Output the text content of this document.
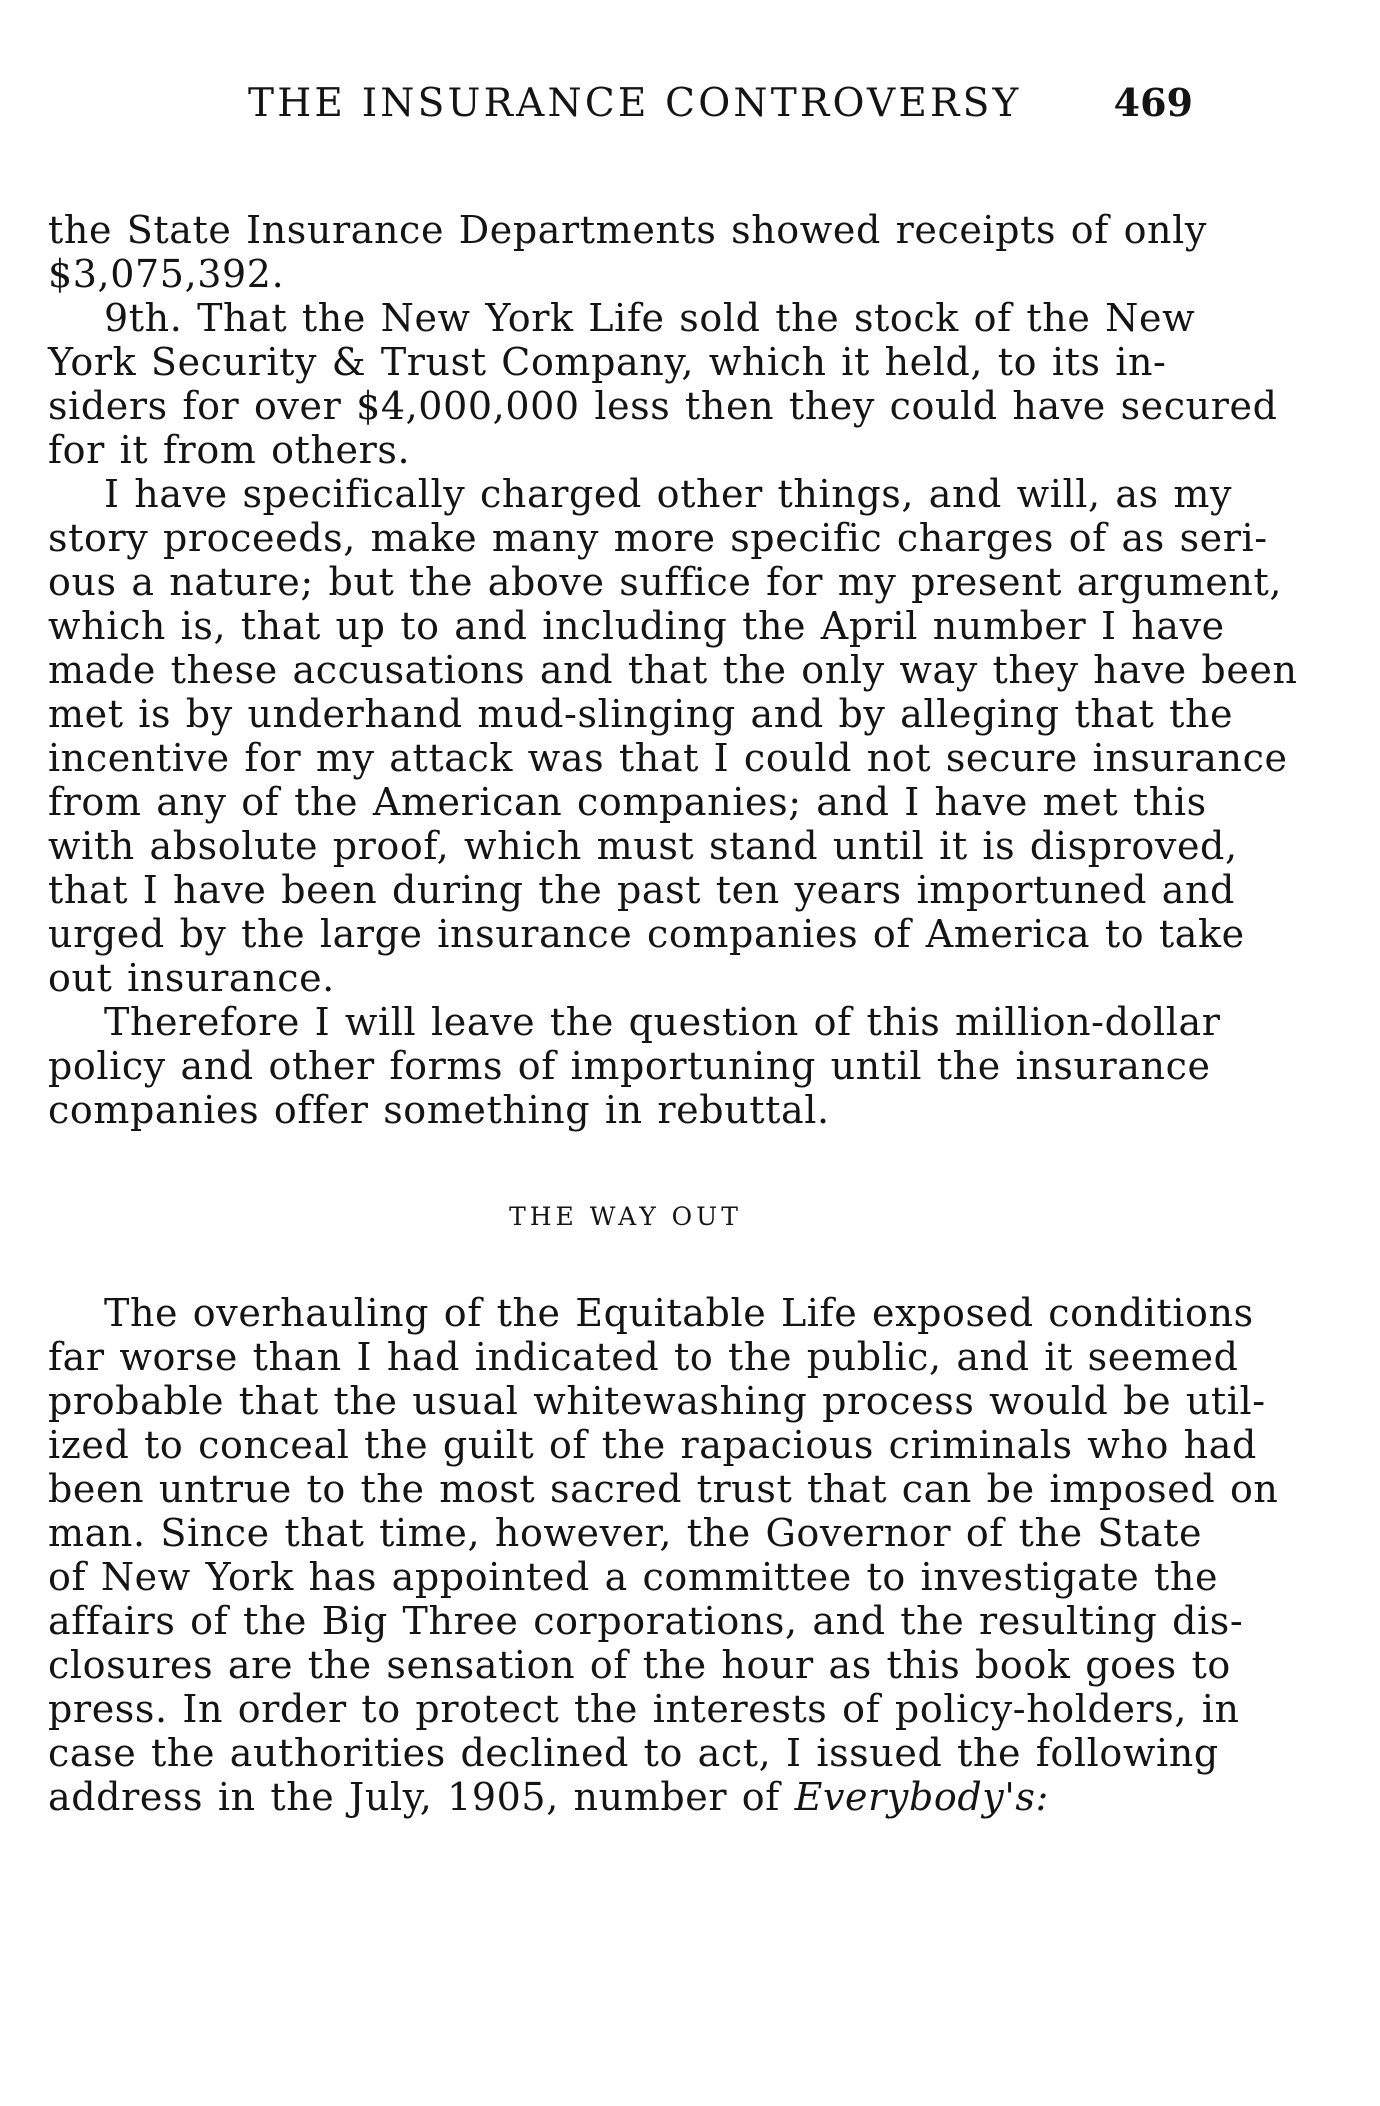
THE INSURANCE CONTROVERSY 469

the State Insurance Departments showed receipts of only
$3,075,392.

9th. That the New York Life sold the stock of the New
York Security & Trust Company, which it held, to its in-
siders for over $4,000,000 less then they could have secured
for it from others.

I have specifically charged other things, and will, as my
story proceeds, make many more specific charges of as seri-
ous a nature; but the above suffice for my present argument,
which is, that up to and including the April number I have
made these accusations and that the only way they have been
met is by underhand mud-slinging and by alleging that the
incentive for my attack was that I could not secure insurance
from any of the American companies; and I have met this
with absolute proof, which must stand until it is disproved,
that I have been during the past ten years importuned and
urged by the large insurance companies of America to take
out insurance.

Therefore I will leave the question of this million-dollar
policy and other forms of importuning until the insurance
companies offer something in rebuttal.

THE WAY OUT

The overhauling of the Equitable Life exposed conditions
far worse than I had indicated to the public, and it seemed
probable that the usual whitewashing process would be util-
ized to conceal the guilt of the rapacious criminals who had
been untrue to the most sacred trust that can be imposed on
man. Since that time, however, the Governor of the State
of New York has appointed a committee to investigate the
affairs of the Big Three corporations, and the resulting dis-
closures are the sensation of the hour as this book goes to
press. In order to protect the interests of policy-holders, in
case the authorities declined to act, I issued the following
address in the July, 1905, number of Everybody's:
